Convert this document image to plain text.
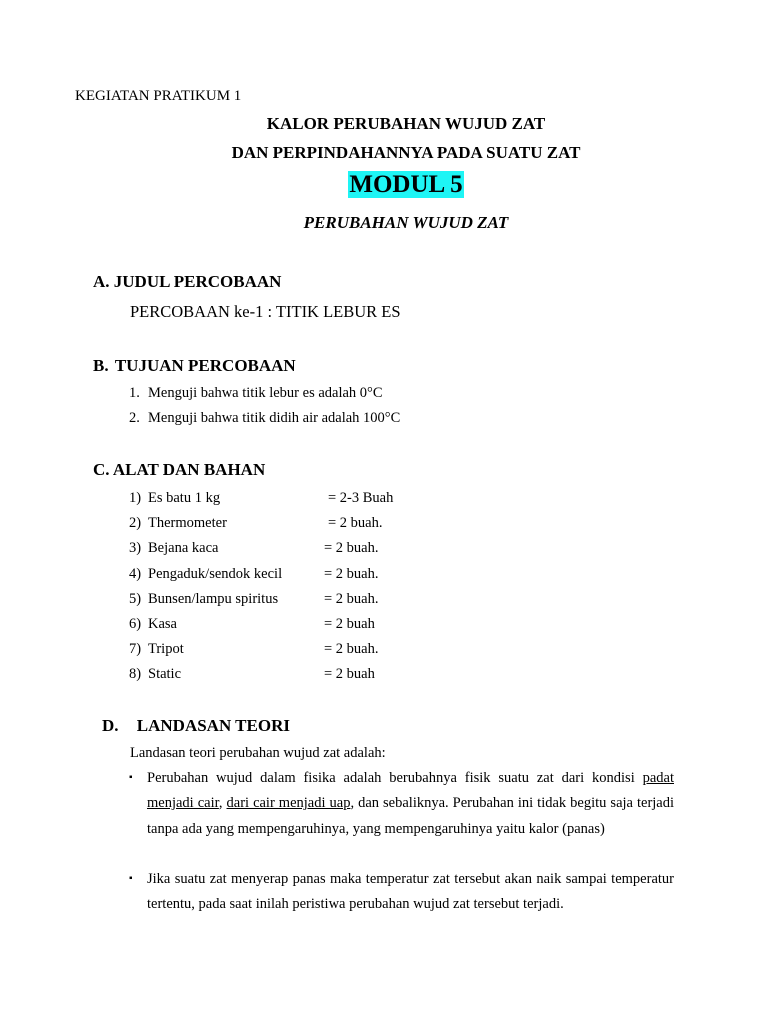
KEGIATAN PRATIKUM 1
KALOR PERUBAHAN WUJUD ZAT
DAN PERPINDAHANNYA PADA SUATU ZAT
MODUL 5
PERUBAHAN WUJUD ZAT
A. JUDUL PERCOBAAN
PERCOBAAN ke-1 : TITIK LEBUR ES
B. TUJUAN PERCOBAAN
1. Menguji bahwa titik lebur es adalah 0°C
2. Menguji bahwa titik didih air adalah 100°C
C. ALAT DAN BAHAN
1) Es batu 1 kg	= 2-3 Buah
2) Thermometer	= 2 buah.
3) Bejana kaca	= 2 buah.
4) Pengaduk/sendok kecil	= 2 buah.
5) Bunsen/lampu spiritus	= 2 buah.
6) Kasa	= 2 buah
7) Tripot	= 2 buah.
8) Static	= 2 buah
D. LANDASAN TEORI
Landasan teori perubahan wujud zat adalah:
▪ Perubahan wujud dalam fisika adalah berubahnya fisik suatu zat dari kondisi padat menjadi cair, dari cair menjadi uap, dan sebaliknya. Perubahan ini tidak begitu saja terjadi tanpa ada yang mempengaruhinya, yang mempengaruhinya yaitu kalor (panas)
▪ Jika suatu zat menyerap panas maka temperatur zat tersebut akan naik sampai temperatur tertentu, pada saat inilah peristiwa perubahan wujud zat tersebut terjadi.
